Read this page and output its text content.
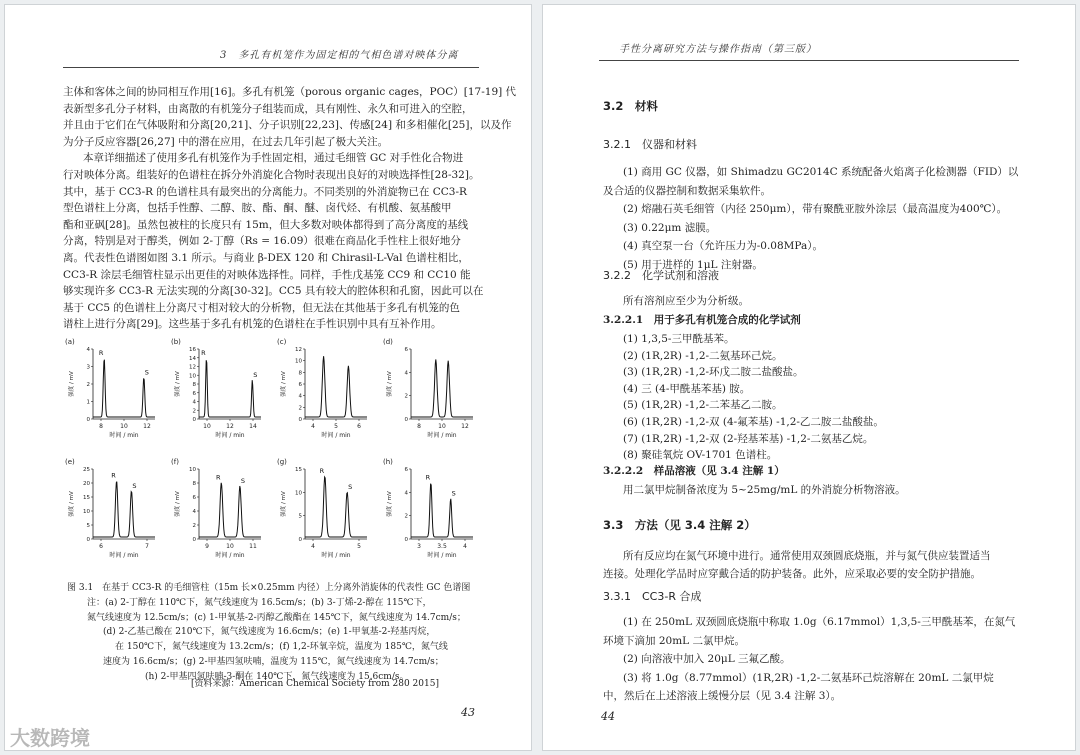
3　多孔有机笼作为固定相的气相色谱对映体分离
主体和客体之间的协同相互作用[16]。多孔有机笼（porous organic cages，POC）[17-19] 代
表新型多孔分子材料，由离散的有机笼分子组装而成，具有刚性、永久和可进入的空腔，
并且由于它们在气体吸附和分离[20,21]、分子识别[22,23]、传感[24] 和多相催化[25]，以及作
为分子反应容器[26,27] 中的潜在应用，在过去几年引起了极大关注。
本章详细描述了使用多孔有机笼作为手性固定相，通过毛细管 GC 对手性化合物进
行对映体分离。组装好的色谱柱在拆分外消旋化合物时表现出良好的对映选择性[28-32]。
其中，基于 CC3-R 的色谱柱具有最突出的分离能力。不同类别的外消旋物已在 CC3-R
型色谱柱上分离，包括手性醇、二醇、胺、酯、酮、醚、卤代烃、有机酸、氨基酸甲
酯和亚砜[28]。虽然包被柱的长度只有 15m，但大多数对映体都得到了高分离度的基线
分离，特别是对于醇类，例如 2-丁醇（Rs = 16.09）很难在商品化手性柱上很好地分
离。代表性色谱图如图 3.1 所示。与商业 β-DEX 120 和 Chirasil-L-Val 色谱柱相比，
CC3-R 涂层毛细管柱显示出更佳的对映体选择性。同样，手性戊基笼 CC9 和 CC10 能
够实现许多 CC3-R 无法实现的分离[30-32]。CC5 具有较大的腔体积和孔窗，因此可以在
基于 CC5 的色谱柱上分离尺寸相对较大的分析物，但无法在其他基于多孔有机笼的色
谱柱上进行分离[29]。这些基于多孔有机笼的色谱柱在手性识别中具有互补作用。
(a)
4
3
2
1
0
强度 / mV
8	10	12
时间 / min
R
S
(b)
16
14
12
10
8
6
4
2
0
强度 / mV
10	12	14
时间 / min
R
S
(c)
12
10
8
6
4
2
0
强度 / mV
4	5	6
时间 / min
(d)
6
4
2
0
强度 / mV
8	10	12
时间 / min
(e)
25
20
15
10
5
0
强度 / mV
6	7
时间 / min
R
S
(f)
10
8
6
4
2
0
强度 / mV
9	10	11
时间 / min
R	S
(g)
15
10
5
0
强度 / mV
4	5
时间 / min
R
S
(h)
6
4
2
0
强度 / mV
3	3.5	4
时间 / min
R
S
图 3.1　在基于 CC3-R 的毛细管柱（15m 长×0.25mm 内径）上分离外消旋体的代表性 GC 色谱图
注：(a) 2-丁醇在 110℃下，氮气线速度为 16.5cm/s；(b) 3-丁烯-2-醇在 115℃下，
氮气线速度为 12.5cm/s；(c) 1-甲氧基-2-丙醇乙酸酯在 145℃下，氮气线速度为 14.7cm/s；
(d) 2-乙基己酸在 210℃下，氮气线速度为 16.6cm/s；(e) 1-甲氧基-2-羟基丙烷，
在 150℃下，氮气线速度为 13.2cm/s；(f) 1,2-环氧辛烷，温度为 185℃，氮气线
速度为 16.6cm/s；(g) 2-甲基四氢呋喃，温度为 115℃，氮气线速度为 14.7cm/s；
(h) 2-甲基四氢呋喃-3-酮在 140℃下，氮气线速度为 15.6cm/s。
[资料来源：American Chemical Society from 280 2015]
43
手性分离研究方法与操作指南（第三版）
3.2　材料
3.2.1　仪器和材料
(1) 商用 GC 仪器，如 Shimadzu GC2014C 系统配备火焰离子化检测器（FID）以
及合适的仪器控制和数据采集软件。
(2) 熔融石英毛细管（内径 250μm），带有聚酰亚胺外涂层（最高温度为400℃）。
(3) 0.22μm 滤膜。
(4) 真空泵一台（允许压力为-0.08MPa）。
(5) 用于进样的 1μL 注射器。
3.2.2　化学试剂和溶液
所有溶剂应至少为分析级。
3.2.2.1　用于多孔有机笼合成的化学试剂
(1) 1,3,5-三甲酰基苯。
(2) (1R,2R) -1,2-二氨基环己烷。
(3) (1R,2R) -1,2-环戊二胺二盐酸盐。
(4) 三 (4-甲酰基苯基) 胺。
(5) (1R,2R) -1,2-二苯基乙二胺。
(6) (1R,2R) -1,2-双 (4-氟苯基) -1,2-乙二胺二盐酸盐。
(7) (1R,2R) -1,2-双 (2-羟基苯基) -1,2-二氨基乙烷。
(8) 聚硅氧烷 OV-1701 色谱柱。
3.2.2.2　样品溶液（见 3.4 注解 1）
用二氯甲烷制备浓度为 5~25mg/mL 的外消旋分析物溶液。
3.3　方法（见 3.4 注解 2）
所有反应均在氮气环境中进行。通常使用双颈圆底烧瓶，并与氮气供应装置适当
连接。处理化学品时应穿戴合适的防护装备。此外，应采取必要的安全防护措施。
3.3.1　CC3-R 合成
(1) 在 250mL 双颈圆底烧瓶中称取 1.0g（6.17mmol）1,3,5-三甲酰基苯，在氮气
环境下滴加 20mL 二氯甲烷。
(2) 向溶液中加入 20μL 三氟乙酸。
(3) 将 1.0g（8.77mmol）(1R,2R) -1,2-二氨基环己烷溶解在 20mL 二氯甲烷
中，然后在上述溶液上缓慢分层（见 3.4 注解 3）。
44
大数跨境
